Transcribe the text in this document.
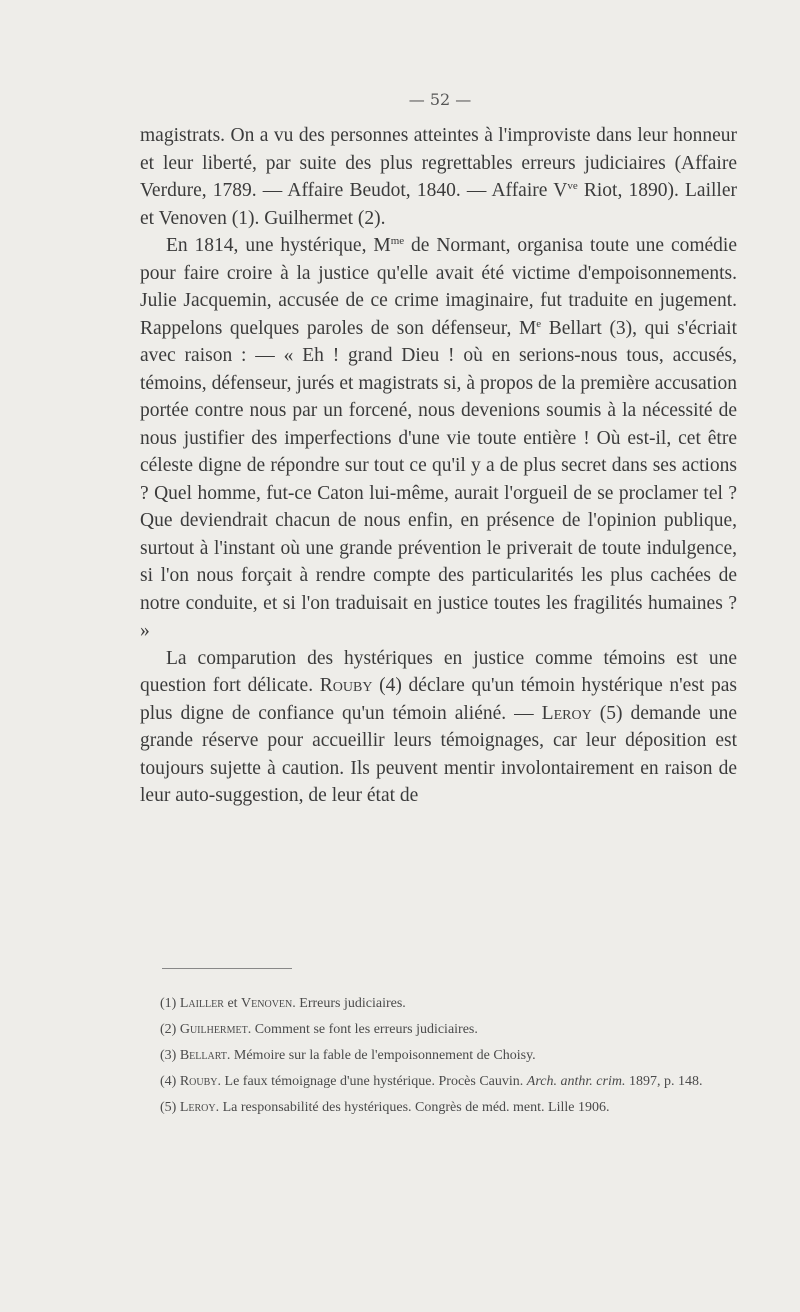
— 52 —

magistrats. On a vu des personnes atteintes à l'improviste dans leur honneur et leur liberté, par suite des plus regrettables erreurs judiciaires (Affaire Verdure, 1789. — Affaire Beudot, 1840. — Affaire $V^{ve}$ Riot, 1890). Lailler et Venoven (1). Guilhermet (2).

En 1814, une hystérique, $M^{me}$ de Normant, organisa toute une comédie pour faire croire à la justice qu'elle avait été victime d'empoisonnements. Julie Jacquemin, accusée de ce crime imaginaire, fut traduite en jugement. Rappelons quelques paroles de son défenseur, Me Bellart (3), qui s'écriait avec raison : — « Eh ! grand Dieu ! où en serions-nous tous, accusés, témoins, défenseur, jurés et magistrats si, à propos de la première accusation portée contre nous par un forcené, nous devenions soumis à la nécessité de nous justifier des imperfections d'une vie toute entière ! Où est-il, cet être céleste digne de répondre sur tout ce qu'il y a de plus secret dans ses actions ? Quel homme, fut-ce Caton lui-même, aurait l'orgueil de se proclamer tel ? Que deviendrait chacun de nous enfin, en présence de l'opinion publique, surtout à l'instant où une grande prévention le priverait de toute indulgence, si l'on nous forçait à rendre compte des particularités les plus cachées de notre conduite, et si l'on traduisait en justice toutes les fragilités humaines ? »

La comparution des hystériques en justice comme témoins est une question fort délicate. Rouby (4) déclare qu'un témoin hystérique n'est pas plus digne de confiance qu'un témoin aliéné. — Leroy (5) demande une grande réserve pour accueillir leurs témoignages, car leur déposition est toujours sujette à caution. Ils peuvent mentir involontairement en raison de leur auto-suggestion, de leur état de

(1) Lailler et Venoven. Erreurs judiciaires.

(2) Guilhermet. Comment se font les erreurs judiciaires.

(3) Bellart. Mémoire sur la fable de l'empoisonnement de Choisy.

(4) Rouby. Le faux témoignage d'une hystérique. Procès Cauvin. Arch. anthr. crim. 1897, p. 148.

(5) Leroy. La responsabilité des hystériques. Congrès de méd. ment. Lille 1906.
